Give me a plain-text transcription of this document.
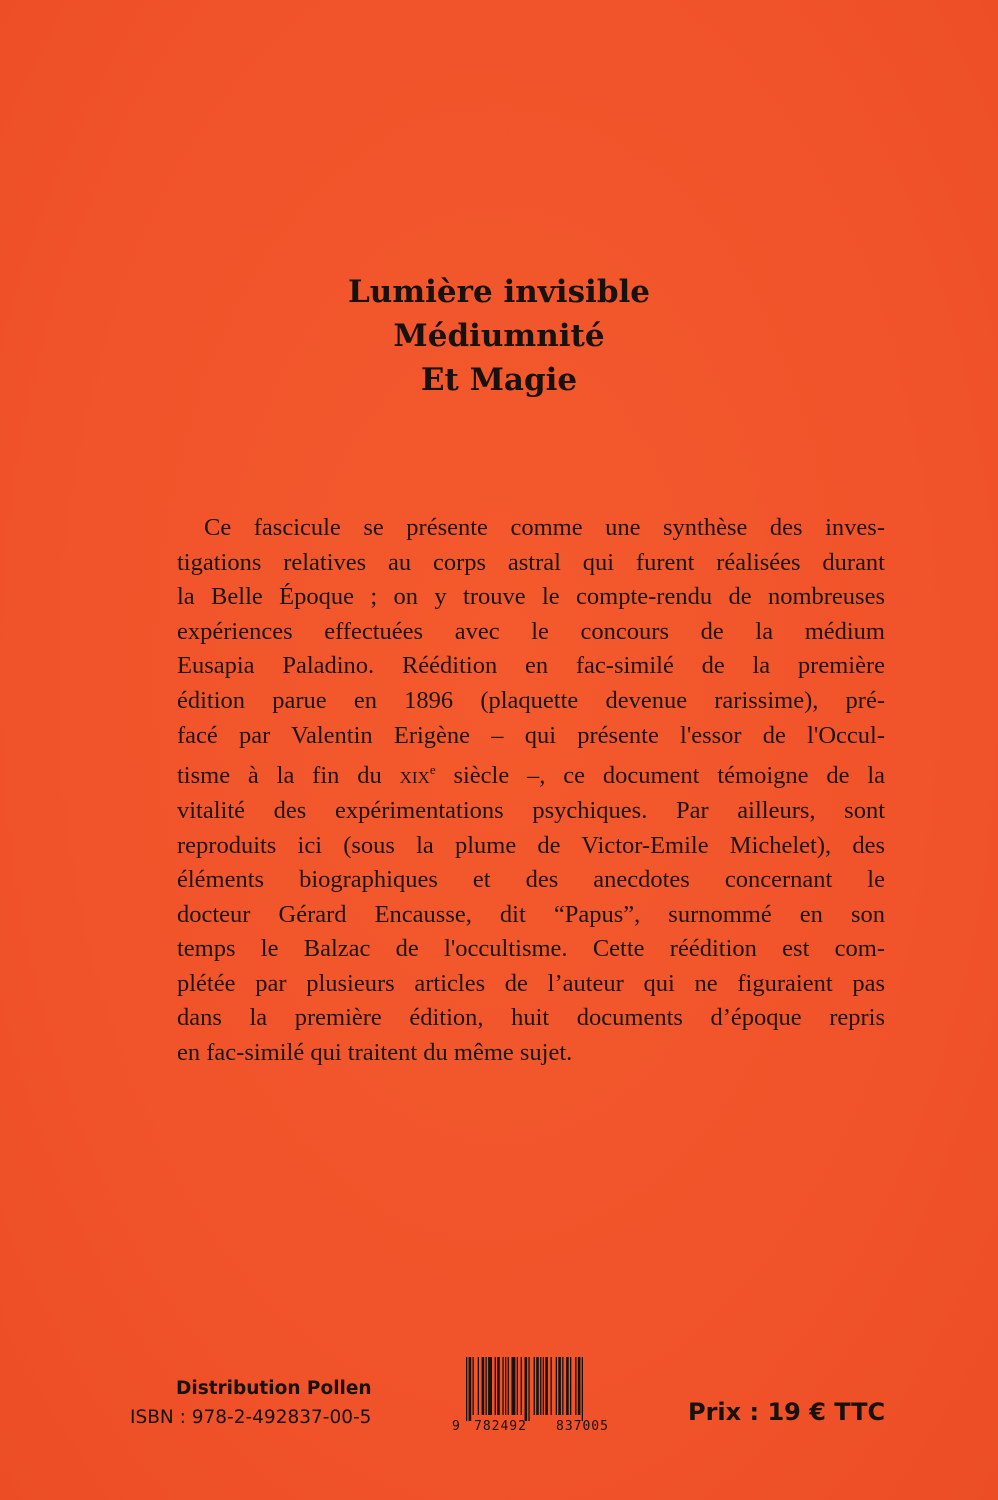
Lumière invisible
Médiumnité
Et Magie
Ce fascicule se présente comme une synthèse des inves-
tigations relatives au corps astral qui furent réalisées durant
la Belle Époque ; on y trouve le compte-rendu de nombreuses
expériences effectuées avec le concours de la médium
Eusapia Paladino. Réédition en fac-similé de la première
édition parue en 1896 (plaquette devenue rarissime), pré-
facé par Valentin Erigène – qui présente l'essor de l'Occul-
tisme à la fin du xix$^e$ siècle –, ce document témoigne de la
vitalité des expérimentations psychiques. Par ailleurs, sont
reproduits ici (sous la plume de Victor-Emile Michelet), des
éléments biographiques et des anecdotes concernant le
docteur Gérard Encausse, dit “Papus”, surnommé en son
temps le Balzac de l'occultisme. Cette réédition est com-
plétée par plusieurs articles de l’auteur qui ne figuraient pas
dans la première édition, huit documents d’époque repris
en fac-similé qui traitent du même sujet.
Distribution Pollen
ISBN : 978-2-492837-00-5	9 782492 837005
Prix : 19 € TTC
